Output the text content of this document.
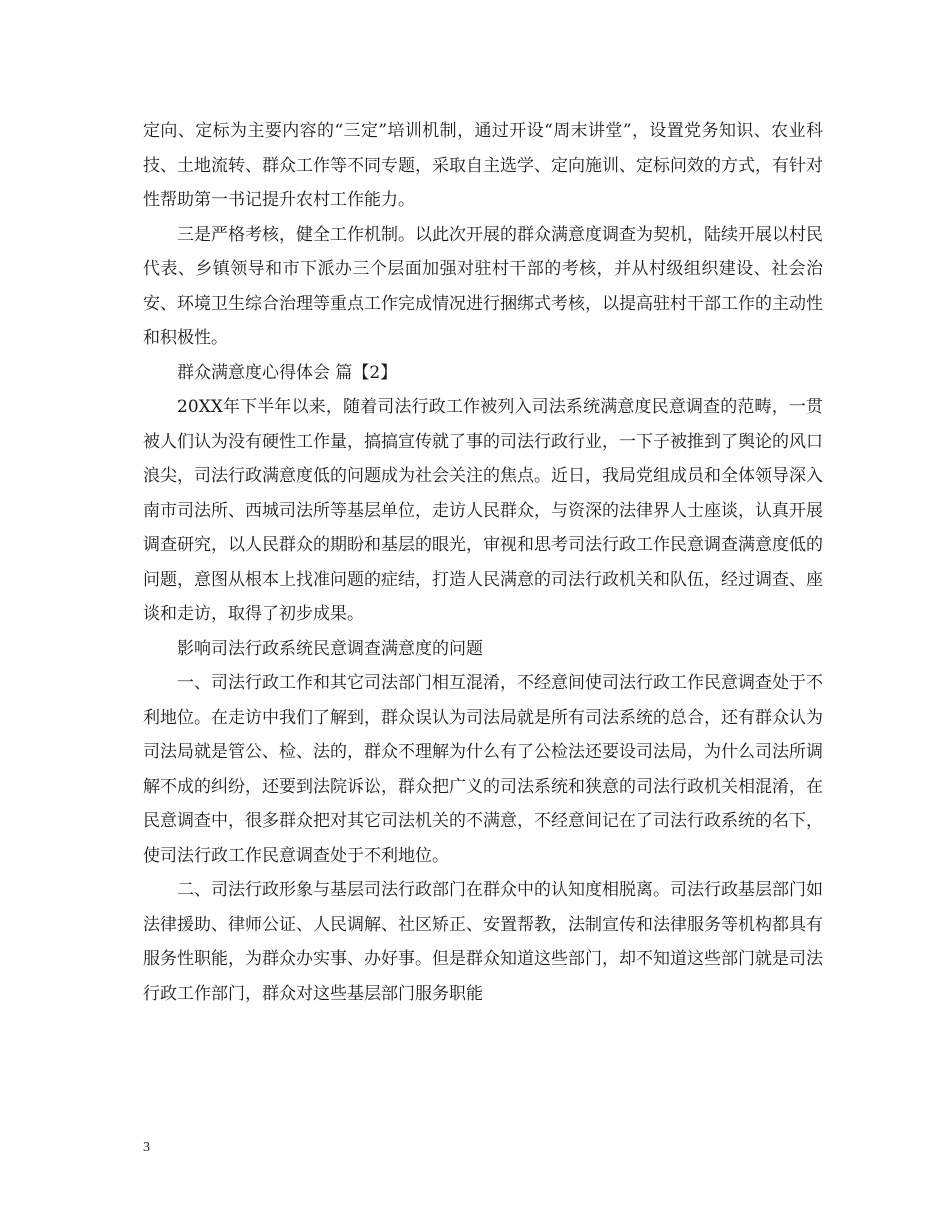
定向、定标为主要内容的“三定”培训机制，通过开设“周末讲堂”，设置党务知识、农业科技、土地流转、群众工作等不同专题，采取自主选学、定向施训、定标问效的方式，有针对性帮助第一书记提升农村工作能力。

三是严格考核，健全工作机制。以此次开展的群众满意度调查为契机，陆续开展以村民代表、乡镇领导和市下派办三个层面加强对驻村干部的考核，并从村级组织建设、社会治安、环境卫生综合治理等重点工作完成情况进行捆绑式考核，以提高驻村干部工作的主动性和积极性。

群众满意度心得体会 篇【2】

20XX年下半年以来，随着司法行政工作被列入司法系统满意度民意调查的范畴，一贯被人们认为没有硬性工作量，搞搞宣传就了事的司法行政行业，一下子被推到了舆论的风口浪尖，司法行政满意度低的问题成为社会关注的焦点。近日，我局党组成员和全体领导深入南市司法所、西城司法所等基层单位，走访人民群众，与资深的法律界人士座谈，认真开展调查研究，以人民群众的期盼和基层的眼光，审视和思考司法行政工作民意调查满意度低的问题，意图从根本上找准问题的症结，打造人民满意的司法行政机关和队伍，经过调查、座谈和走访，取得了初步成果。

影响司法行政系统民意调查满意度的问题

一、司法行政工作和其它司法部门相互混淆，不经意间使司法行政工作民意调查处于不利地位。在走访中我们了解到，群众误认为司法局就是所有司法系统的总合，还有群众认为司法局就是管公、检、法的，群众不理解为什么有了公检法还要设司法局，为什么司法所调解不成的纠纷，还要到法院诉讼，群众把广义的司法系统和狭意的司法行政机关相混淆，在民意调查中，很多群众把对其它司法机关的不满意，不经意间记在了司法行政系统的名下，使司法行政工作民意调查处于不利地位。

二、司法行政形象与基层司法行政部门在群众中的认知度相脱离。司法行政基层部门如法律援助、律师公证、人民调解、社区矫正、安置帮教，法制宣传和法律服务等机构都具有服务性职能，为群众办实事、办好事。但是群众知道这些部门，却不知道这些部门就是司法行政工作部门，群众对这些基层部门服务职能

3
